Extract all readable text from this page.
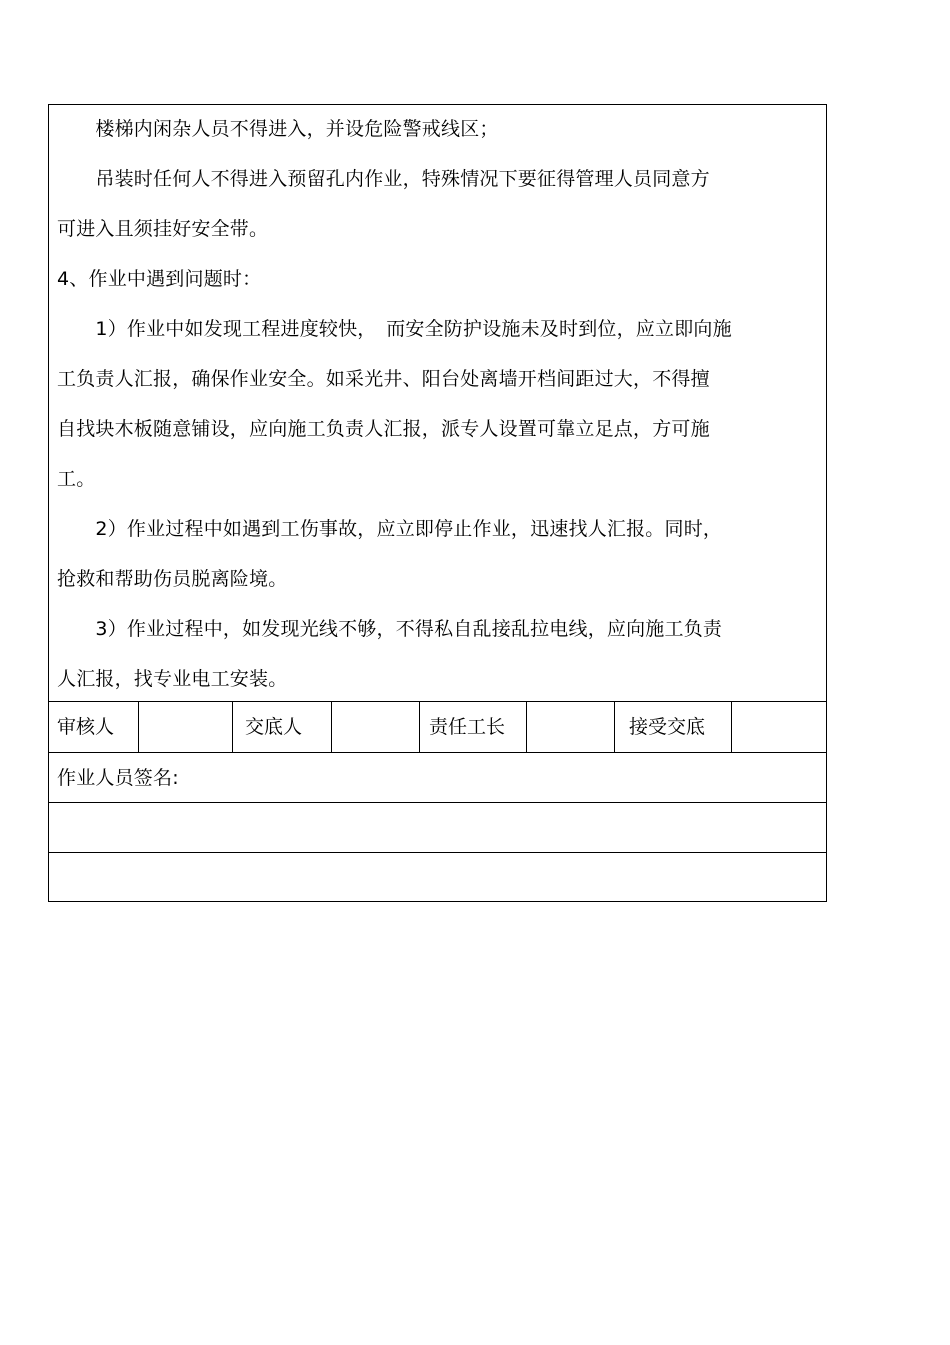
　　楼梯内闲杂人员不得进入，并设危险警戒线区；
　　吊装时任何人不得进入预留孔内作业，特殊情况下要征得管理人员同意方
可进入且须挂好安全带。
4、作业中遇到问题时：
　　1）作业中如发现工程进度较快，　而安全防护设施未及时到位，应立即向施
工负责人汇报，确保作业安全。如采光井、阳台处离墙开档间距过大，不得擅
自找块木板随意铺设，应向施工负责人汇报，派专人设置可靠立足点，方可施
工。
　　2）作业过程中如遇到工伤事故，应立即停止作业，迅速找人汇报。同时，
抢救和帮助伤员脱离险境。
　　3）作业过程中，如发现光线不够，不得私自乱接乱拉电线，应向施工负责
人汇报，找专业电工安装。
审核人	交底人	责任工长	接受交底
作业人员签名:
